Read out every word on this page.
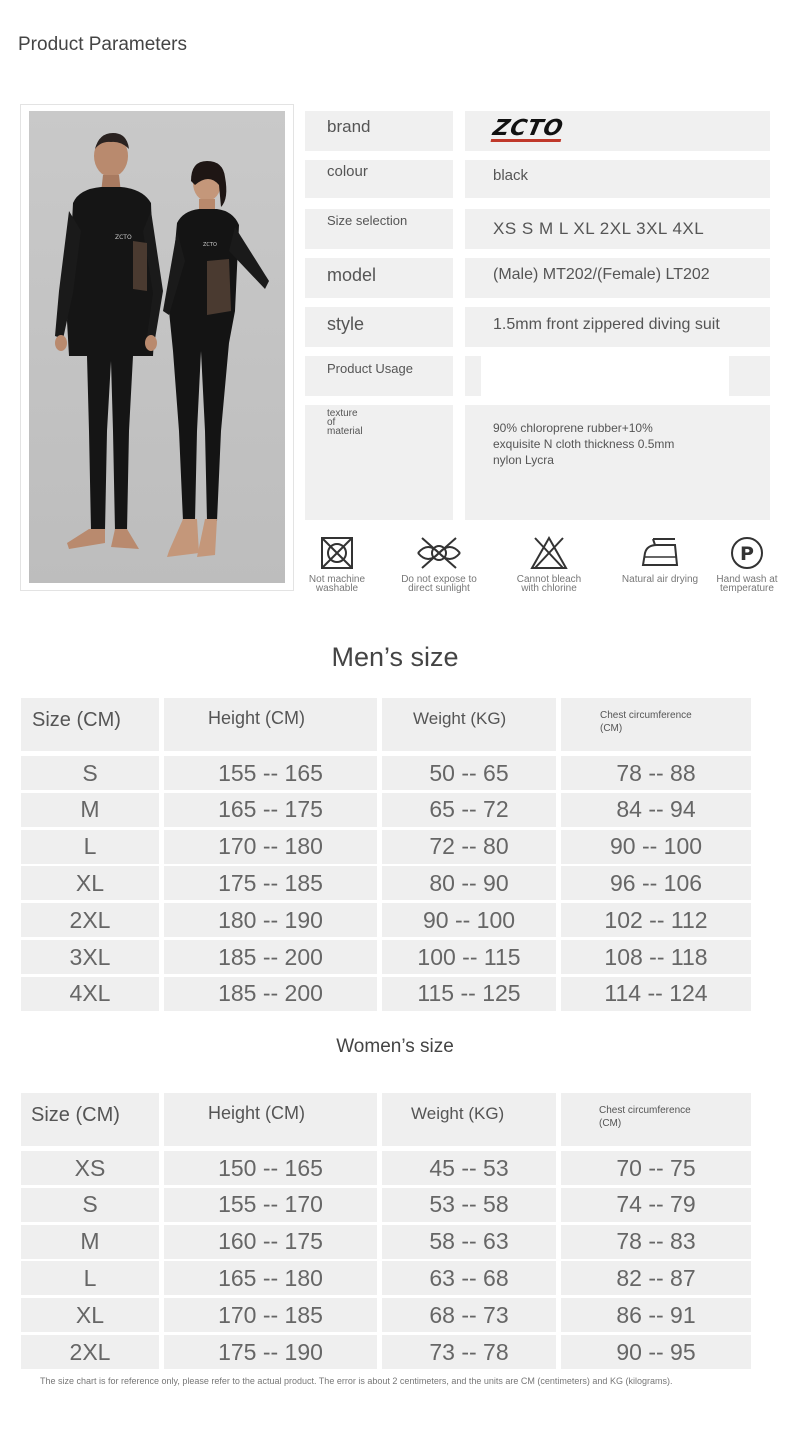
Product Parameters
ZCTO
ZCTO
brand	ZCTO
colour	black
Size selection	XS S M L XL 2XL 3XL 4XL
model	(Male) MT202/(Female) LT202
style	1.5mm front zippered diving suit
Product Usage
texture
of
material	90% chloroprene rubber+10%
exquisite N cloth thickness 0.5mm
nylon Lycra
Not machine
washable
Do not expose to
direct sunlight
Cannot bleach
with chlorine
Natural air drying
P
Hand wash at
temperature
Men’s size
Size (CM)	Height (CM)	Weight (KG)	Chest circumference
(CM)
S	155 -- 165	50 -- 65	78 -- 88
M	165 -- 175	65 -- 72	84 -- 94
L	170 -- 180	72 -- 80	90 -- 100
XL	175 -- 185	80 -- 90	96 -- 106
2XL	180 -- 190	90 -- 100	102 -- 112
3XL	185 -- 200	100 -- 115	108 -- 118
4XL	185 -- 200	115 -- 125	114 -- 124
Women’s size
Size (CM)	Height (CM)	Weight (KG)	Chest circumference
(CM)
XS	150 -- 165	45 -- 53	70 -- 75
S	155 -- 170	53 -- 58	74 -- 79
M	160 -- 175	58 -- 63	78 -- 83
L	165 -- 180	63 -- 68	82 -- 87
XL	170 -- 185	68 -- 73	86 -- 91
2XL	175 -- 190	73 -- 78	90 -- 95
The size chart is for reference only, please refer to the actual product. The error is about 2 centimeters, and the units are CM (centimeters) and KG (kilograms).
